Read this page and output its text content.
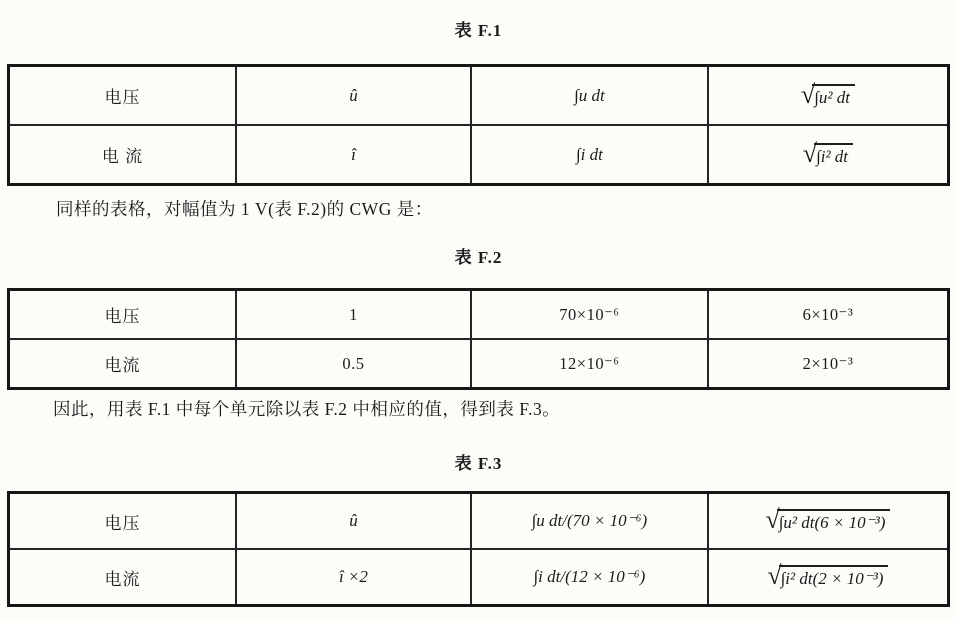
表 F.1
电压	û	∫u dt	√ ∫u² dt

电 流	î	∫i dt	√ ∫i² dt
同样的表格，对幅值为 1 V(表 F.2)的 CWG 是：
表 F.2
电压	1	70×10⁻⁶	6×10⁻³
电流	0.5	12×10⁻⁶	2×10⁻³
因此，用表 F.1 中每个单元除以表 F.2 中相应的值，得到表 F.3。
表 F.3
电压	û	∫u dt/(70 × 10⁻⁶)	√ ∫u² dt(6 × 10⁻³)

电流	î ×2	∫i dt/(12 × 10⁻⁶)	√ ∫i² dt(2 × 10⁻³)
